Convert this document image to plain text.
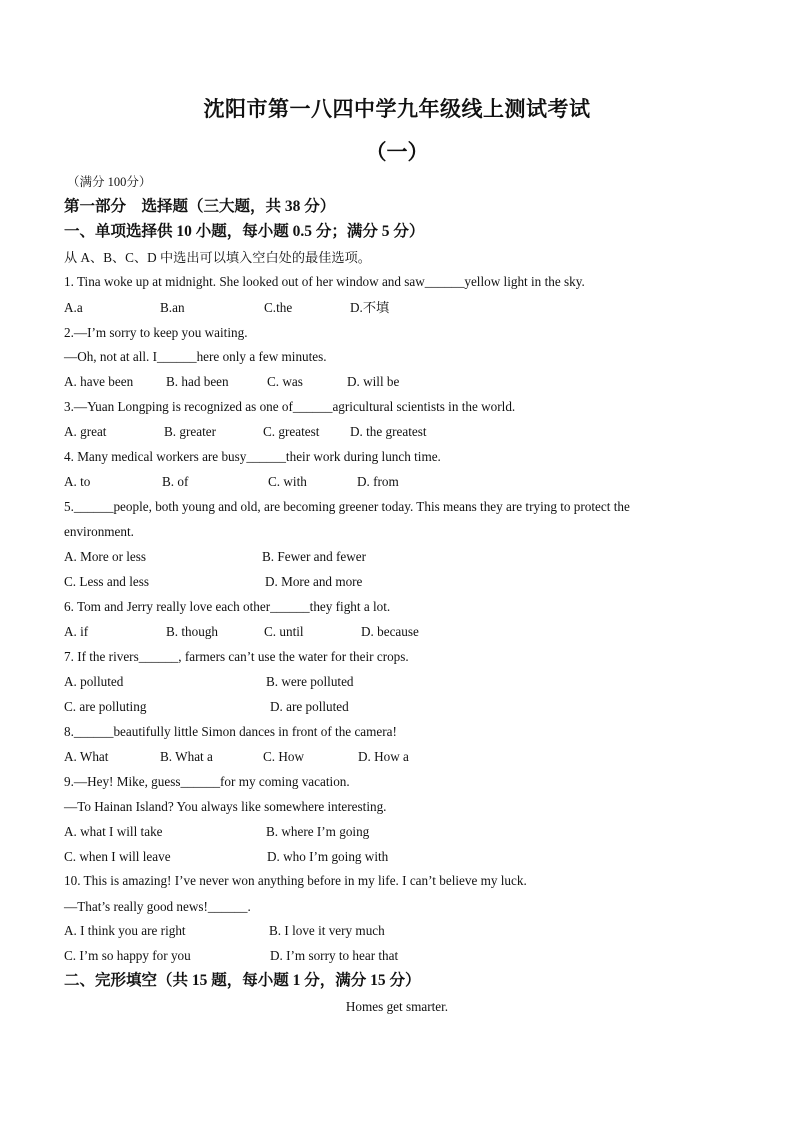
沈阳市第一八四中学九年级线上测试考试
（一）
（满分 100分）
第一部分　选择题（三大题，共 38 分）
一、单项选择供 10 小题，每小题 0.5 分；满分 5 分）
从 A、B、C、D 中选出可以填入空白处的最佳选项。
1. Tina woke up at midnight. She looked out of her window and saw______yellow light in the sky.
A.a	B.an	C.the	D.不填
2.—I’m sorry to keep you waiting.
—Oh, not at all. I______here only a few minutes.
A. have been B. had been	C. was	D. will be
3.—Yuan Longping is recognized as one of______agricultural scientists in the world.
A. great	B. greater	C. greatest D. the greatest
4. Many medical workers are busy______their work during lunch time.
A. to	B. of	C. with	D. from
5.______people, both young and old, are becoming greener today. This means they are trying to protect the
environment.
A. More or less	B. Fewer and fewer
C. Less and less	D. More and more
6. Tom and Jerry really love each other______they fight a lot.
A. if	B. though	C. until	D. because
7. If the rivers______, farmers can’t use the water for their crops.
A. polluted	B. were polluted
C. are polluting	D. are polluted
8.______beautifully little Simon dances in front of the camera!
A. What	B. What a	C. How	D. How a
9.—Hey! Mike, guess______for my coming vacation.
—To Hainan Island? You always like somewhere interesting.
A. what I will take	B. where I’m going
C. when I will leave	D. who I’m going with
10. This is amazing! I’ve never won anything before in my life. I can’t believe my luck.
—That’s really good news!______.
A. I think you are right	B. I love it very much
C. I’m so happy for you	D. I’m sorry to hear that
二、完形填空（共 15 题，每小题 1 分，满分 15 分）
Homes get smarter.
